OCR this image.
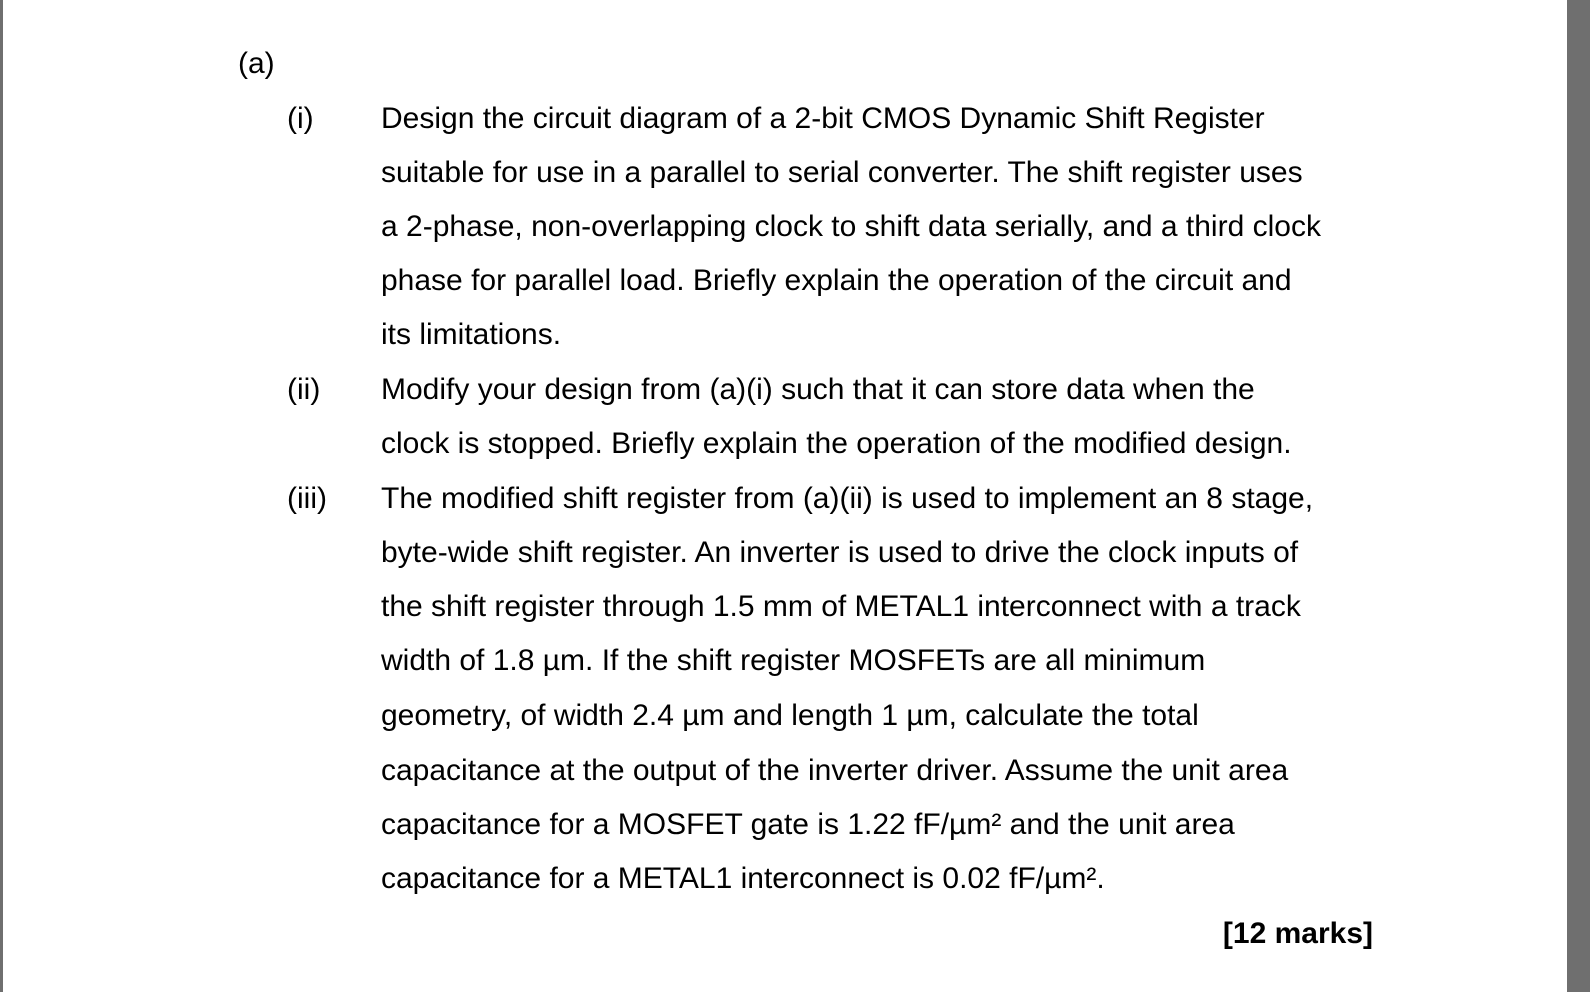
(a)
(i) Design the circuit diagram of a 2-bit CMOS Dynamic Shift Register
suitable for use in a parallel to serial converter. The shift register uses
a 2-phase, non-overlapping clock to shift data serially, and a third clock
phase for parallel load. Briefly explain the operation of the circuit and
its limitations.
(ii) Modify your design from (a)(i) such that it can store data when the
clock is stopped. Briefly explain the operation of the modified design.
(iii) The modified shift register from (a)(ii) is used to implement an 8 stage,
byte-wide shift register. An inverter is used to drive the clock inputs of
the shift register through 1.5 mm of METAL1 interconnect with a track
width of 1.8 µm. If the shift register MOSFETs are all minimum
geometry, of width 2.4 µm and length 1 µm, calculate the total
capacitance at the output of the inverter driver. Assume the unit area
capacitance for a MOSFET gate is 1.22 fF/µm² and the unit area
capacitance for a METAL1 interconnect is 0.02 fF/µm².
[12 marks]
